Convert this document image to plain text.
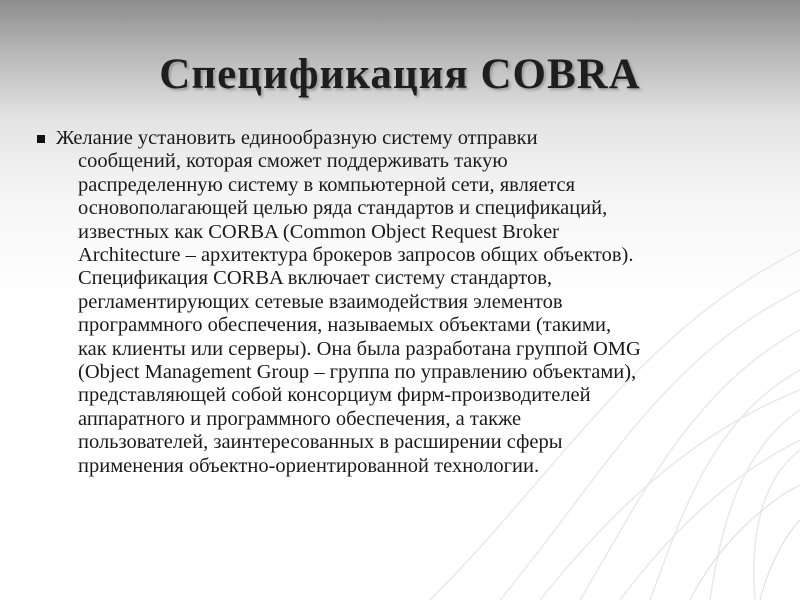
Спецификация COBRA
Желание установить единообразную систему отправки
сообщений, которая сможет поддерживать такую
распределенную систему в компьютерной сети, является
основополагающей целью ряда стандартов и спецификаций,
известных как CORBA (Common Object Request Broker
Architecture – архитектура брокеров запросов общих объектов).
Спецификация CORBA включает систему стандартов,
регламентирующих сетевые взаимодействия элементов
программного обеспечения, называемых объектами (такими,
как клиенты или серверы). Она была разработана группой OMG
(Object Management Group – группа по управлению объектами),
представляющей собой консорциум фирм-производителей
аппаратного и программного обеспечения, а также
пользователей, заинтересованных в расширении сферы
применения объектно-ориентированной технологии.
